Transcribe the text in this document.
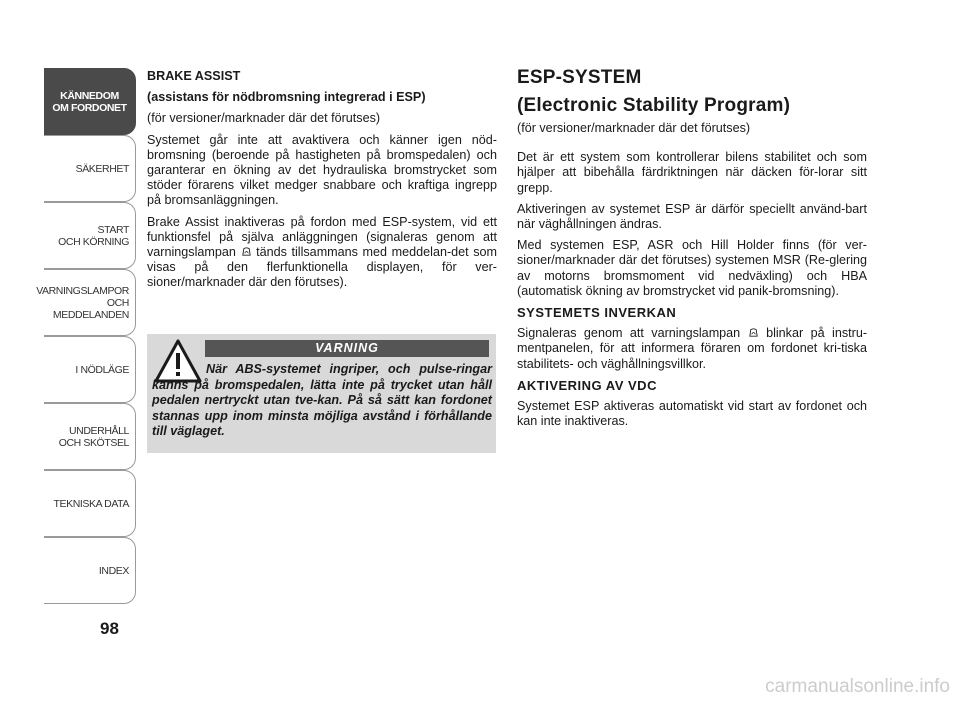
KÄNNEDOM
OM FORDONET
SÄKERHET
START
OCH KÖRNING
VARNINGSLAMPOR
OCH
MEDDELANDEN
I NÖDLÄGE
UNDERHÅLL
OCH SKÖTSEL
TEKNISKA DATA
INDEX
98

BRAKE ASSIST

(assistans för nödbromsning integrerad i ESP)

(för versioner/marknader där det förutses)

Systemet går inte att avaktivera och känner igen nöd-bromsning (beroende på hastigheten på bromspedalen) och garanterar en ökning av det hydrauliska bromstrycket som stöder förarens vilket medger snabbare och kraftiga ingrepp på bromsanläggningen.

Brake Assist inaktiveras på fordon med ESP-system, vid ett funktionsfel på själva anläggningen (signaleras genom att varningslampan tänds tillsammans med meddelan-det som visas på den flerfunktionella displayen, för ver-sioner/marknader där den förutses).

VARNING
När ABS-systemet ingriper, och pulse-ringar känns på bromspedalen, lätta inte på trycket utan håll pedalen nertryckt utan tve-kan. På så sätt kan fordonet stannas upp inom minsta möjliga avstånd i förhållande till väglaget.

ESP-SYSTEM

(Electronic Stability Program)

(för versioner/marknader där det förutses)

Det är ett system som kontrollerar bilens stabilitet och som hjälper att bibehålla färdriktningen när däcken för-lorar sitt grepp.

Aktiveringen av systemet ESP är därför speciellt använd-bart när väghållningen ändras.

Med systemen ESP, ASR och Hill Holder finns (för ver-sioner/marknader där det förutses) systemen MSR (Re-glering av motorns bromsmoment vid nedväxling) och HBA (automatisk ökning av bromstrycket vid panik-bromsning).

SYSTEMETS INVERKAN

Signaleras genom att varningslampan blinkar på instru-mentpanelen, för att informera föraren om fordonet kri-tiska stabilitets- och väghållningsvillkor.

AKTIVERING AV VDC

Systemet ESP aktiveras automatiskt vid start av fordonet och kan inte inaktiveras.

carmanualsonline.info
